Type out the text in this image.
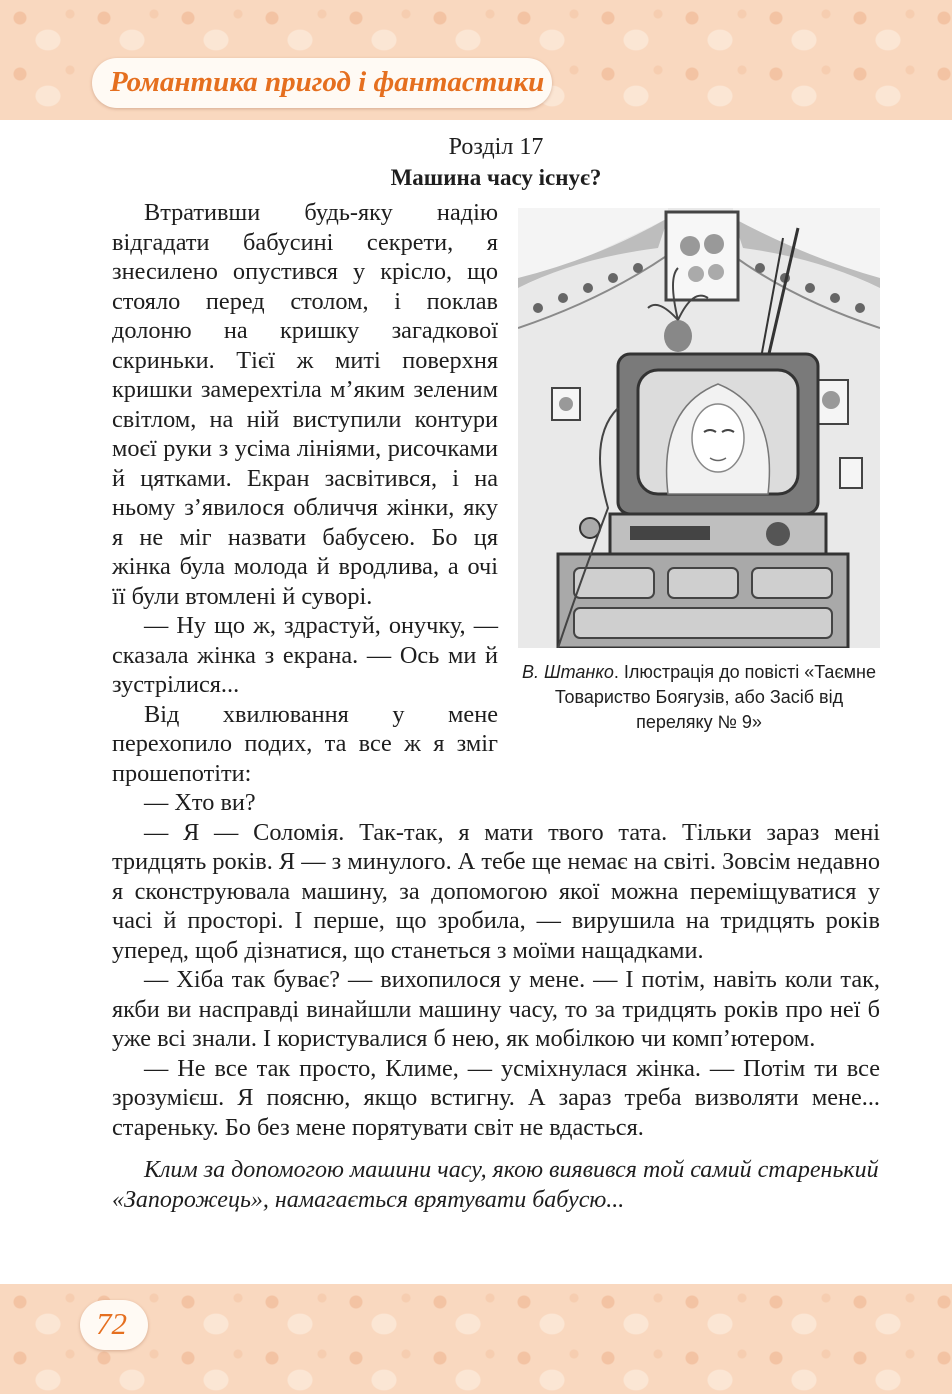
Романтика пригод і фантастики

Розділ 17

Машина часу існує?

В. Штанко. Ілюстрація до повісті «Таємне Товариство Боягузів, або Засіб від переляку № 9»

Втративши будь-яку надію відгадати бабусині секрети, я знесилено опустився у крісло, що стояло перед столом, і поклав долоню на кришку загадкової скриньки. Тієї ж миті поверхня кришки замерехтіла м’яким зеленим світлом, на ній виступили контури моєї руки з усіма лініями, рисочками й цятками. Екран засвітився, і на ньому з’явилося обличчя жінки, яку я не міг назвати бабусею. Бо ця жінка була молода й вродлива, а очі її були втомлені й суворі.

— Ну що ж, здрастуй, онучку, — сказала жінка з екрана. — Ось ми й зустрілися...

Від хвилювання у мене перехопило подих, та все ж я зміг прошепотіти:

— Хто ви?

— Я — Соломія. Так-так, я мати твого тата. Тільки зараз мені тридцять років. Я — з минулого. А тебе ще немає на світі. Зовсім недавно я сконструювала машину, за допомогою якої можна переміщуватися у часі й просторі. І перше, що зробила, — вирушила на тридцять років уперед, щоб дізнатися, що станеться з моїми нащадками.

— Хіба так буває? — вихопилося у мене. — І потім, навіть коли так, якби ви насправді винайшли машину часу, то за тридцять років про неї б уже всі знали. І користувалися б нею, як мобілкою чи комп’ютером.

— Не все так просто, Климе, — усміхнулася жінка. — Потім ти все зрозумієш. Я поясню, якщо встигну. А зараз треба визволяти мене... стареньку. Бо без мене порятувати світ не вдасться.

Клим за допомогою машини часу, якою виявився той самий старенький «Запорожець», намагається врятувати бабусю...

72
